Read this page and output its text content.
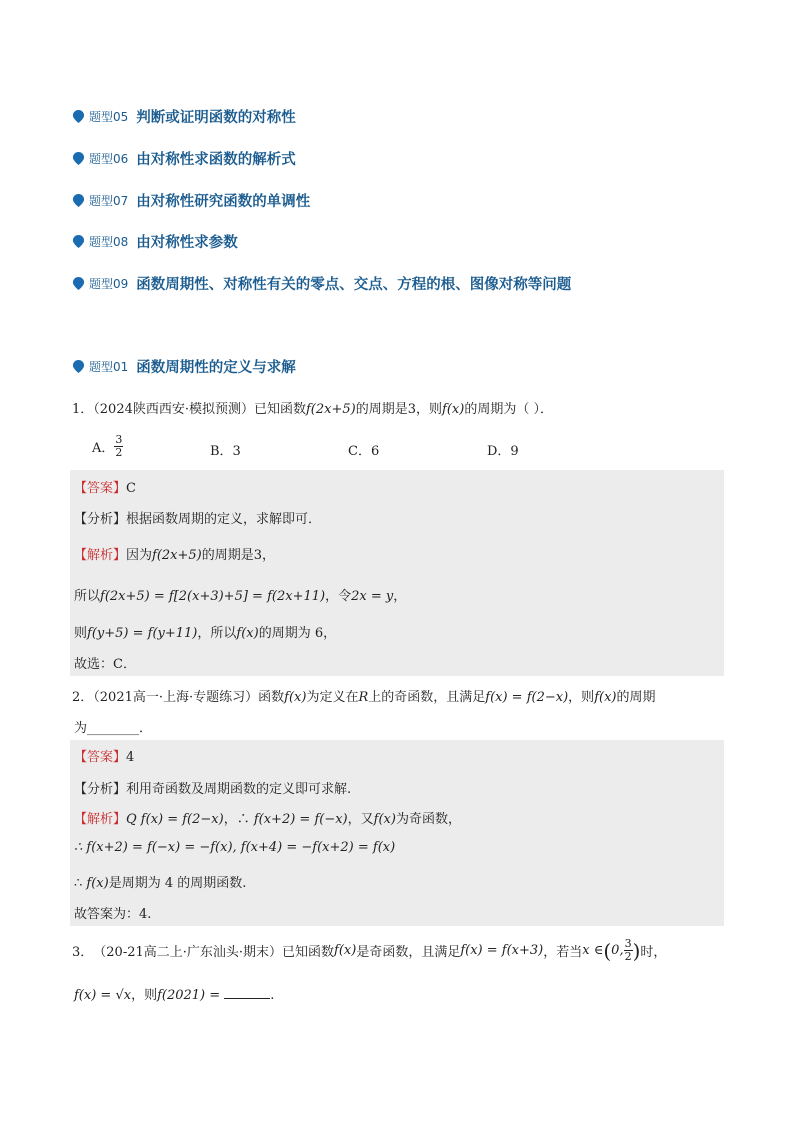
题型05 判断或证明函数的对称性
题型06 由对称性求函数的解析式
题型07 由对称性研究函数的单调性
题型08 由对称性求参数
题型09 函数周期性、对称性有关的零点、交点、方程的根、图像对称等问题
题型01 函数周期性的定义与求解
1．（2024陕西西安·模拟预测）已知函数f(2x+5)的周期是3，则f(x)的周期为（ ）．
A． $\frac{3}{2}$	B．3	C．6	D．9
【答案】C
【分析】根据函数周期的定义，求解即可．
【解析】因为f(2x+5)的周期是3，
所以f(2x+5) = f[2(x+3)+5] = f(2x+11)，令2x = y，
则f(y+5) = f(y+11)，所以f(x)的周期为 6，
故选：C．
2．（2021高一·上海·专题练习）函数f(x)为定义在R上的奇函数，且满足f(x) = f(2−x)，则f(x)的周期
为________．
【答案】4
【分析】利用奇函数及周期函数的定义即可求解.
【解析】Q f(x) = f(2−x)，∴ f(x+2) = f(−x)，又f(x)为奇函数，
∴ f(x+2) = f(−x) = −f(x), f(x+4) = −f(x+2) = f(x)
∴ f(x)是周期为 4 的周期函数.
故答案为：4.
3． （20-21高二上·广东汕头·期末）已知函数 f(x) 是奇函数，且满足 f(x) = f(x+3) ，若当 x ∈ ( 0, $\frac{3}{2}$ ) 时，
f(x) = √x，则f(2021) =	.
